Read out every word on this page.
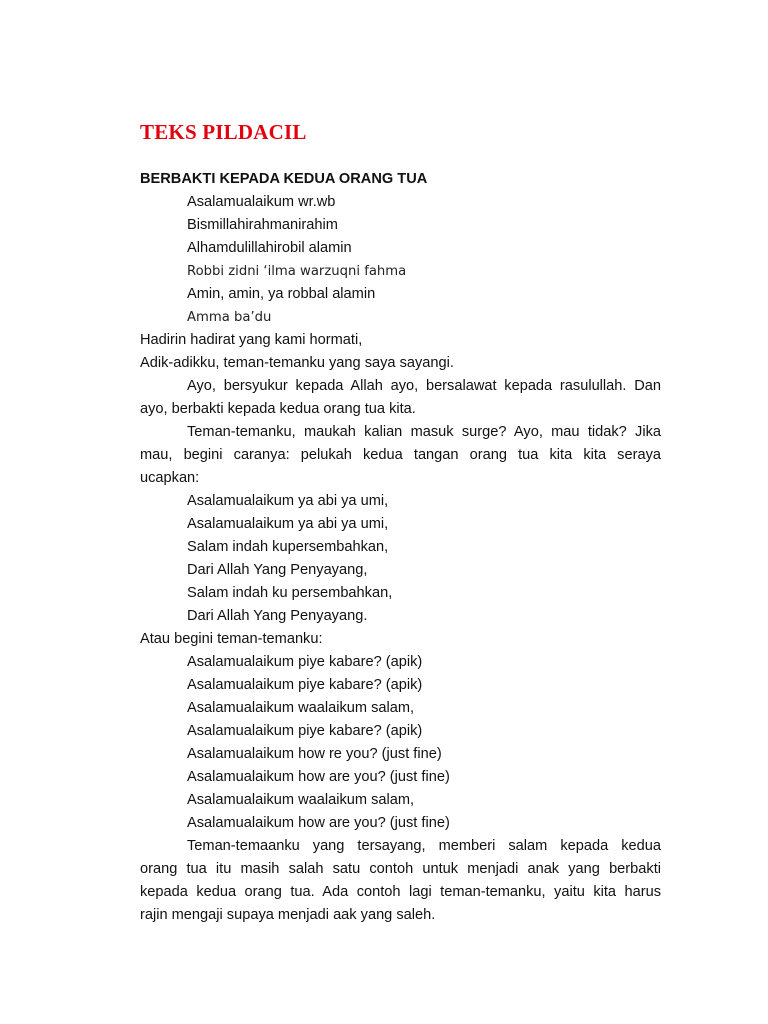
TEKS PILDACIL
BERBAKTI KEPADA KEDUA ORANG TUA
Asalamualaikum wr.wb
Bismillahirahmanirahim
Alhamdulillahirobil alamin
Robbi zidni ‘ilma warzuqni fahma
Amin, amin, ya robbal alamin
Amma ba’du
Hadirin hadirat yang kami hormati,
Adik-adikku, teman-temanku yang saya sayangi.
Ayo, bersyukur kepada Allah ayo, bersalawat kepada rasulullah. Dan
ayo, berbakti kepada kedua orang tua kita.
Teman-temanku, maukah kalian masuk surge? Ayo, mau tidak? Jika
mau, begini caranya: pelukah kedua tangan orang tua kita kita seraya
ucapkan:
Asalamualaikum ya abi ya umi,
Asalamualaikum ya abi ya umi,
Salam indah kupersembahkan,
Dari Allah Yang Penyayang,
Salam indah ku persembahkan,
Dari Allah Yang Penyayang.
Atau begini teman-temanku:
Asalamualaikum piye kabare? (apik)
Asalamualaikum piye kabare? (apik)
Asalamualaikum waalaikum salam,
Asalamualaikum piye kabare? (apik)
Asalamualaikum how re you? (just fine)
Asalamualaikum how are you? (just fine)
Asalamualaikum waalaikum salam,
Asalamualaikum how are you? (just fine)
Teman-temaanku yang tersayang, memberi salam kepada kedua
orang tua itu masih salah satu contoh untuk menjadi anak yang berbakti
kepada kedua orang tua. Ada contoh lagi teman-temanku, yaitu kita harus
rajin mengaji supaya menjadi aak yang saleh.
